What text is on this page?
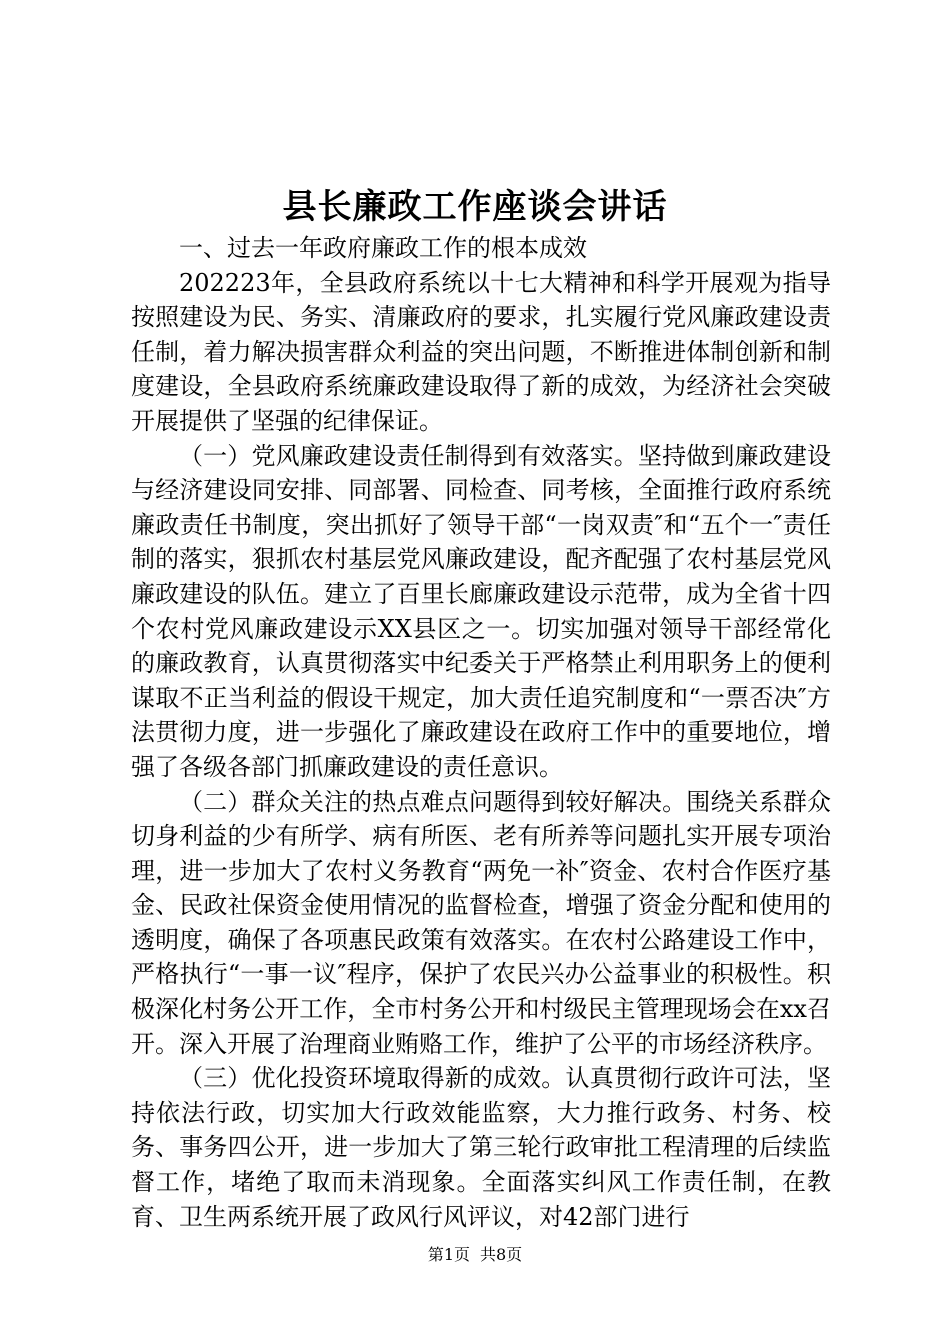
县长廉政工作座谈会讲话

一、过去一年政府廉政工作的根本成效

202223年，全县政府系统以十七大精神和科学开展观为指导按照建设为民、务实、清廉政府的要求，扎实履行党风廉政建设责任制，着力解决损害群众利益的突出问题，不断推进体制创新和制度建设，全县政府系统廉政建设取得了新的成效，为经济社会突破开展提供了坚强的纪律保证。

（一）党风廉政建设责任制得到有效落实。坚持做到廉政建设与经济建设同安排、同部署、同检查、同考核，全面推行政府系统廉政责任书制度，突出抓好了领导干部“一岗双责″和“五个一″责任制的落实，狠抓农村基层党风廉政建设，配齐配强了农村基层党风廉政建设的队伍。建立了百里长廊廉政建设示范带，成为全省十四个农村党风廉政建设示XX县区之一。切实加强对领导干部经常化的廉政教育，认真贯彻落实中纪委关于严格禁止利用职务上的便利谋取不正当利益的假设干规定，加大责任追究制度和“一票否决″方法贯彻力度，进一步强化了廉政建设在政府工作中的重要地位，增强了各级各部门抓廉政建设的责任意识。

（二）群众关注的热点难点问题得到较好解决。围绕关系群众切身利益的少有所学、病有所医、老有所养等问题扎实开展专项治理，进一步加大了农村义务教育“两免一补″资金、农村合作医疗基金、民政社保资金使用情况的监督检查，增强了资金分配和使用的透明度，确保了各项惠民政策有效落实。在农村公路建设工作中，严格执行“一事一议″程序，保护了农民兴办公益事业的积极性。积极深化村务公开工作，全市村务公开和村级民主管理现场会在xx召开。深入开展了治理商业贿赂工作，维护了公平的市场经济秩序。

（三）优化投资环境取得新的成效。认真贯彻行政许可法，坚持依法行政，切实加大行政效能监察，大力推行政务、村务、校务、事务四公开，进一步加大了第三轮行政审批工程清理的后续监督工作，堵绝了取而未消现象。全面落实纠风工作责任制，在教育、卫生两系统开展了政风行风评议，对42部门进行

第1页 共8页
